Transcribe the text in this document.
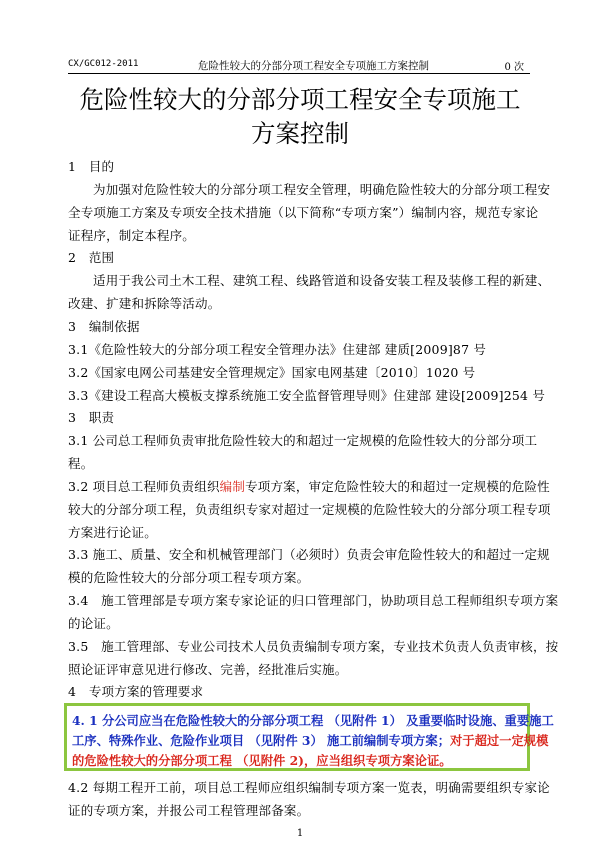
CX/GC012-2011	危险性较大的分部分项工程安全专项施工方案控制	0 次
危险性较大的分部分项工程安全专项施工
方案控制
1　目的
为加强对危险性较大的分部分项工程安全管理，明确危险性较大的分部分项工程安
全专项施工方案及专项安全技术措施（以下简称“专项方案”）编制内容，规范专家论
证程序，制定本程序。
2　范围
适用于我公司土木工程、建筑工程、线路管道和设备安装工程及装修工程的新建、
改建、扩建和拆除等活动。
3　编制依据
3.1《危险性较大的分部分项工程安全管理办法》住建部 建质[2009]87 号
3.2《国家电网公司基建安全管理规定》国家电网基建〔2010〕1020 号
3.3《建设工程高大模板支撑系统施工安全监督管理导则》住建部 建设[2009]254 号
3　职责
3.1 公司总工程师负责审批危险性较大的和超过一定规模的危险性较大的分部分项工
程。
3.2 项目总工程师负责组织编制专项方案，审定危险性较大的和超过一定规模的危险性
较大的分部分项工程，负责组织专家对超过一定规模的危险性较大的分部分项工程专项
方案进行论证。
3.3 施工、质量、安全和机械管理部门（必须时）负责会审危险性较大的和超过一定规
模的危险性较大的分部分项工程专项方案。
3.4　施工管理部是专项方案专家论证的归口管理部门，协助项目总工程师组织专项方案
的论证。
3.5　施工管理部、专业公司技术人员负责编制专项方案，专业技术负责人负责审核，按
照论证评审意见进行修改、完善，经批准后实施。
4　专项方案的管理要求
4. 1 分公司应当在危险性较大的分部分项工程 （见附件 1） 及重要临时设施、重要施工
工序、特殊作业、危险作业项目 （见附件 3） 施工前编制专项方案；对于超过一定规模
的危险性较大的分部分项工程 （见附件 2)，应当组织专项方案论证。
4.2 每期工程开工前，项目总工程师应组织编制专项方案一览表，明确需要组织专家论
证的专项方案，并报公司工程管理部备案。
1
